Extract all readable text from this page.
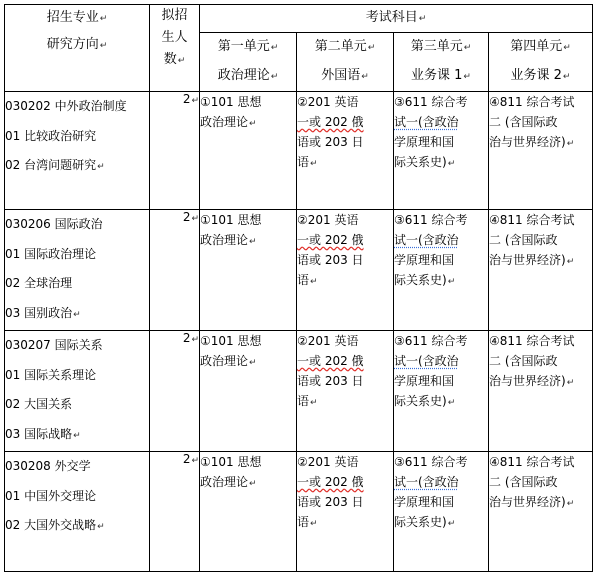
招生专业↵
研究方向↵	拟招
生人
数↵	考试科目↵			

		第一单元↵
政治理论↵	第二单元↵
外国语↵	第三单元↵
业务课 1↵	第四单元↵
业务课 2↵

030202 中外政治制度
01 比较政治研究
02 台湾问题研究↵	2↵	①101 思想
政治理论↵	②201 英语
一或 202 俄
语或 203 日
语↵	③611 综合考
试一(含政治
学原理和国
际关系史)↵	④811 综合考试
二 (含国际政
治与世界经济)↵

030206 国际政治
01 国际政治理论
02 全球治理
03 国别政治↵	2↵	①101 思想
政治理论↵	②201 英语
一或 202 俄
语或 203 日
语↵	③611 综合考
试一(含政治
学原理和国
际关系史)↵	④811 综合考试
二 (含国际政
治与世界经济)↵

030207 国际关系
01 国际关系理论
02 大国关系
03 国际战略↵	2↵	①101 思想
政治理论↵	②201 英语
一或 202 俄
语或 203 日
语↵	③611 综合考
试一(含政治
学原理和国
际关系史)↵	④811 综合考试
二 (含国际政
治与世界经济)↵

030208 外交学
01 中国外交理论
02 大国外交战略↵	2↵	①101 思想
政治理论↵	②201 英语
一或 202 俄
语或 203 日
语↵	③611 综合考
试一(含政治
学原理和国
际关系史)↵	④811 综合考试
二 (含国际政
治与世界经济)↵
